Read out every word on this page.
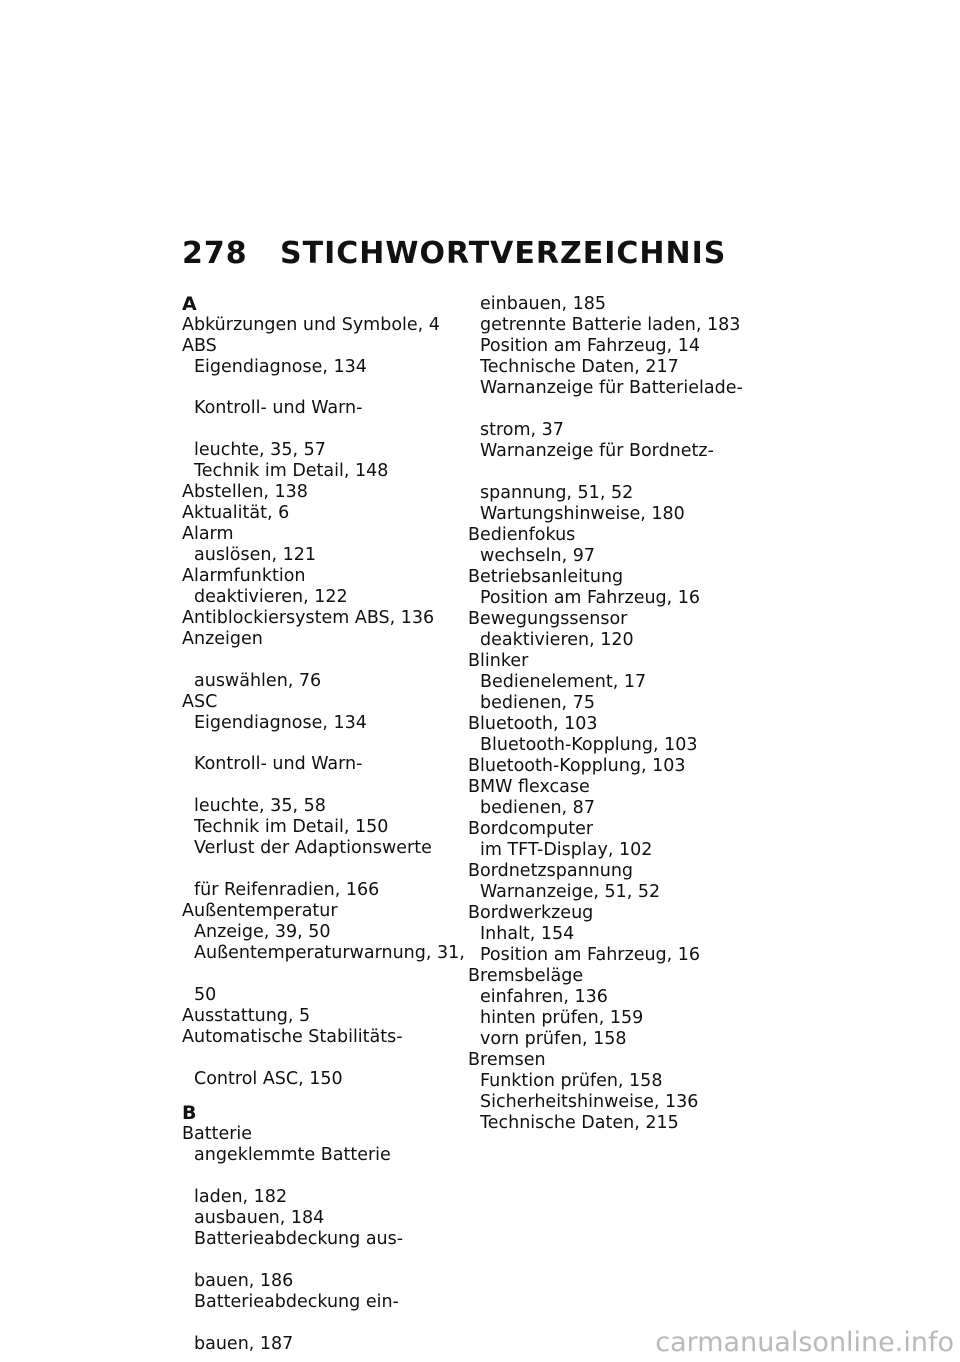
278 STICHWORTVERZEICHNIS
A
Abkürzungen und Symbole, 4
ABS
Eigendiagnose, 134
Kontroll- und Warn-
leuchte, 35, 57
Technik im Detail, 148
Abstellen, 138
Aktualität, 6
Alarm
auslösen, 121
Alarmfunktion
deaktivieren, 122
Antiblockiersystem ABS, 136
Anzeigen
auswählen, 76
ASC
Eigendiagnose, 134
Kontroll- und Warn-
leuchte, 35, 58
Technik im Detail, 150
Verlust der Adaptionswerte
für Reifenradien, 166
Außentemperatur
Anzeige, 39, 50
Außentemperaturwarnung, 31,
50
Ausstattung, 5
Automatische Stabilitäts-
Control ASC, 150
B
Batterie
angeklemmte Batterie
laden, 182
ausbauen, 184
Batterieabdeckung aus-
bauen, 186
Batterieabdeckung ein-
bauen, 187
einbauen, 185
getrennte Batterie laden, 183
Position am Fahrzeug, 14
Technische Daten, 217
Warnanzeige für Batterielade-
strom, 37
Warnanzeige für Bordnetz-
spannung, 51, 52
Wartungshinweise, 180
Bedienfokus
wechseln, 97
Betriebsanleitung
Position am Fahrzeug, 16
Bewegungssensor
deaktivieren, 120
Blinker
Bedienelement, 17
bedienen, 75
Bluetooth, 103
Bluetooth-Kopplung, 103
Bluetooth-Kopplung, 103
BMW flexcase
bedienen, 87
Bordcomputer
im TFT-Display, 102
Bordnetzspannung
Warnanzeige, 51, 52
Bordwerkzeug
Inhalt, 154
Position am Fahrzeug, 16
Bremsbeläge
einfahren, 136
hinten prüfen, 159
vorn prüfen, 158
Bremsen
Funktion prüfen, 158
Sicherheitshinweise, 136
Technische Daten, 215
carmanualsonline.info
